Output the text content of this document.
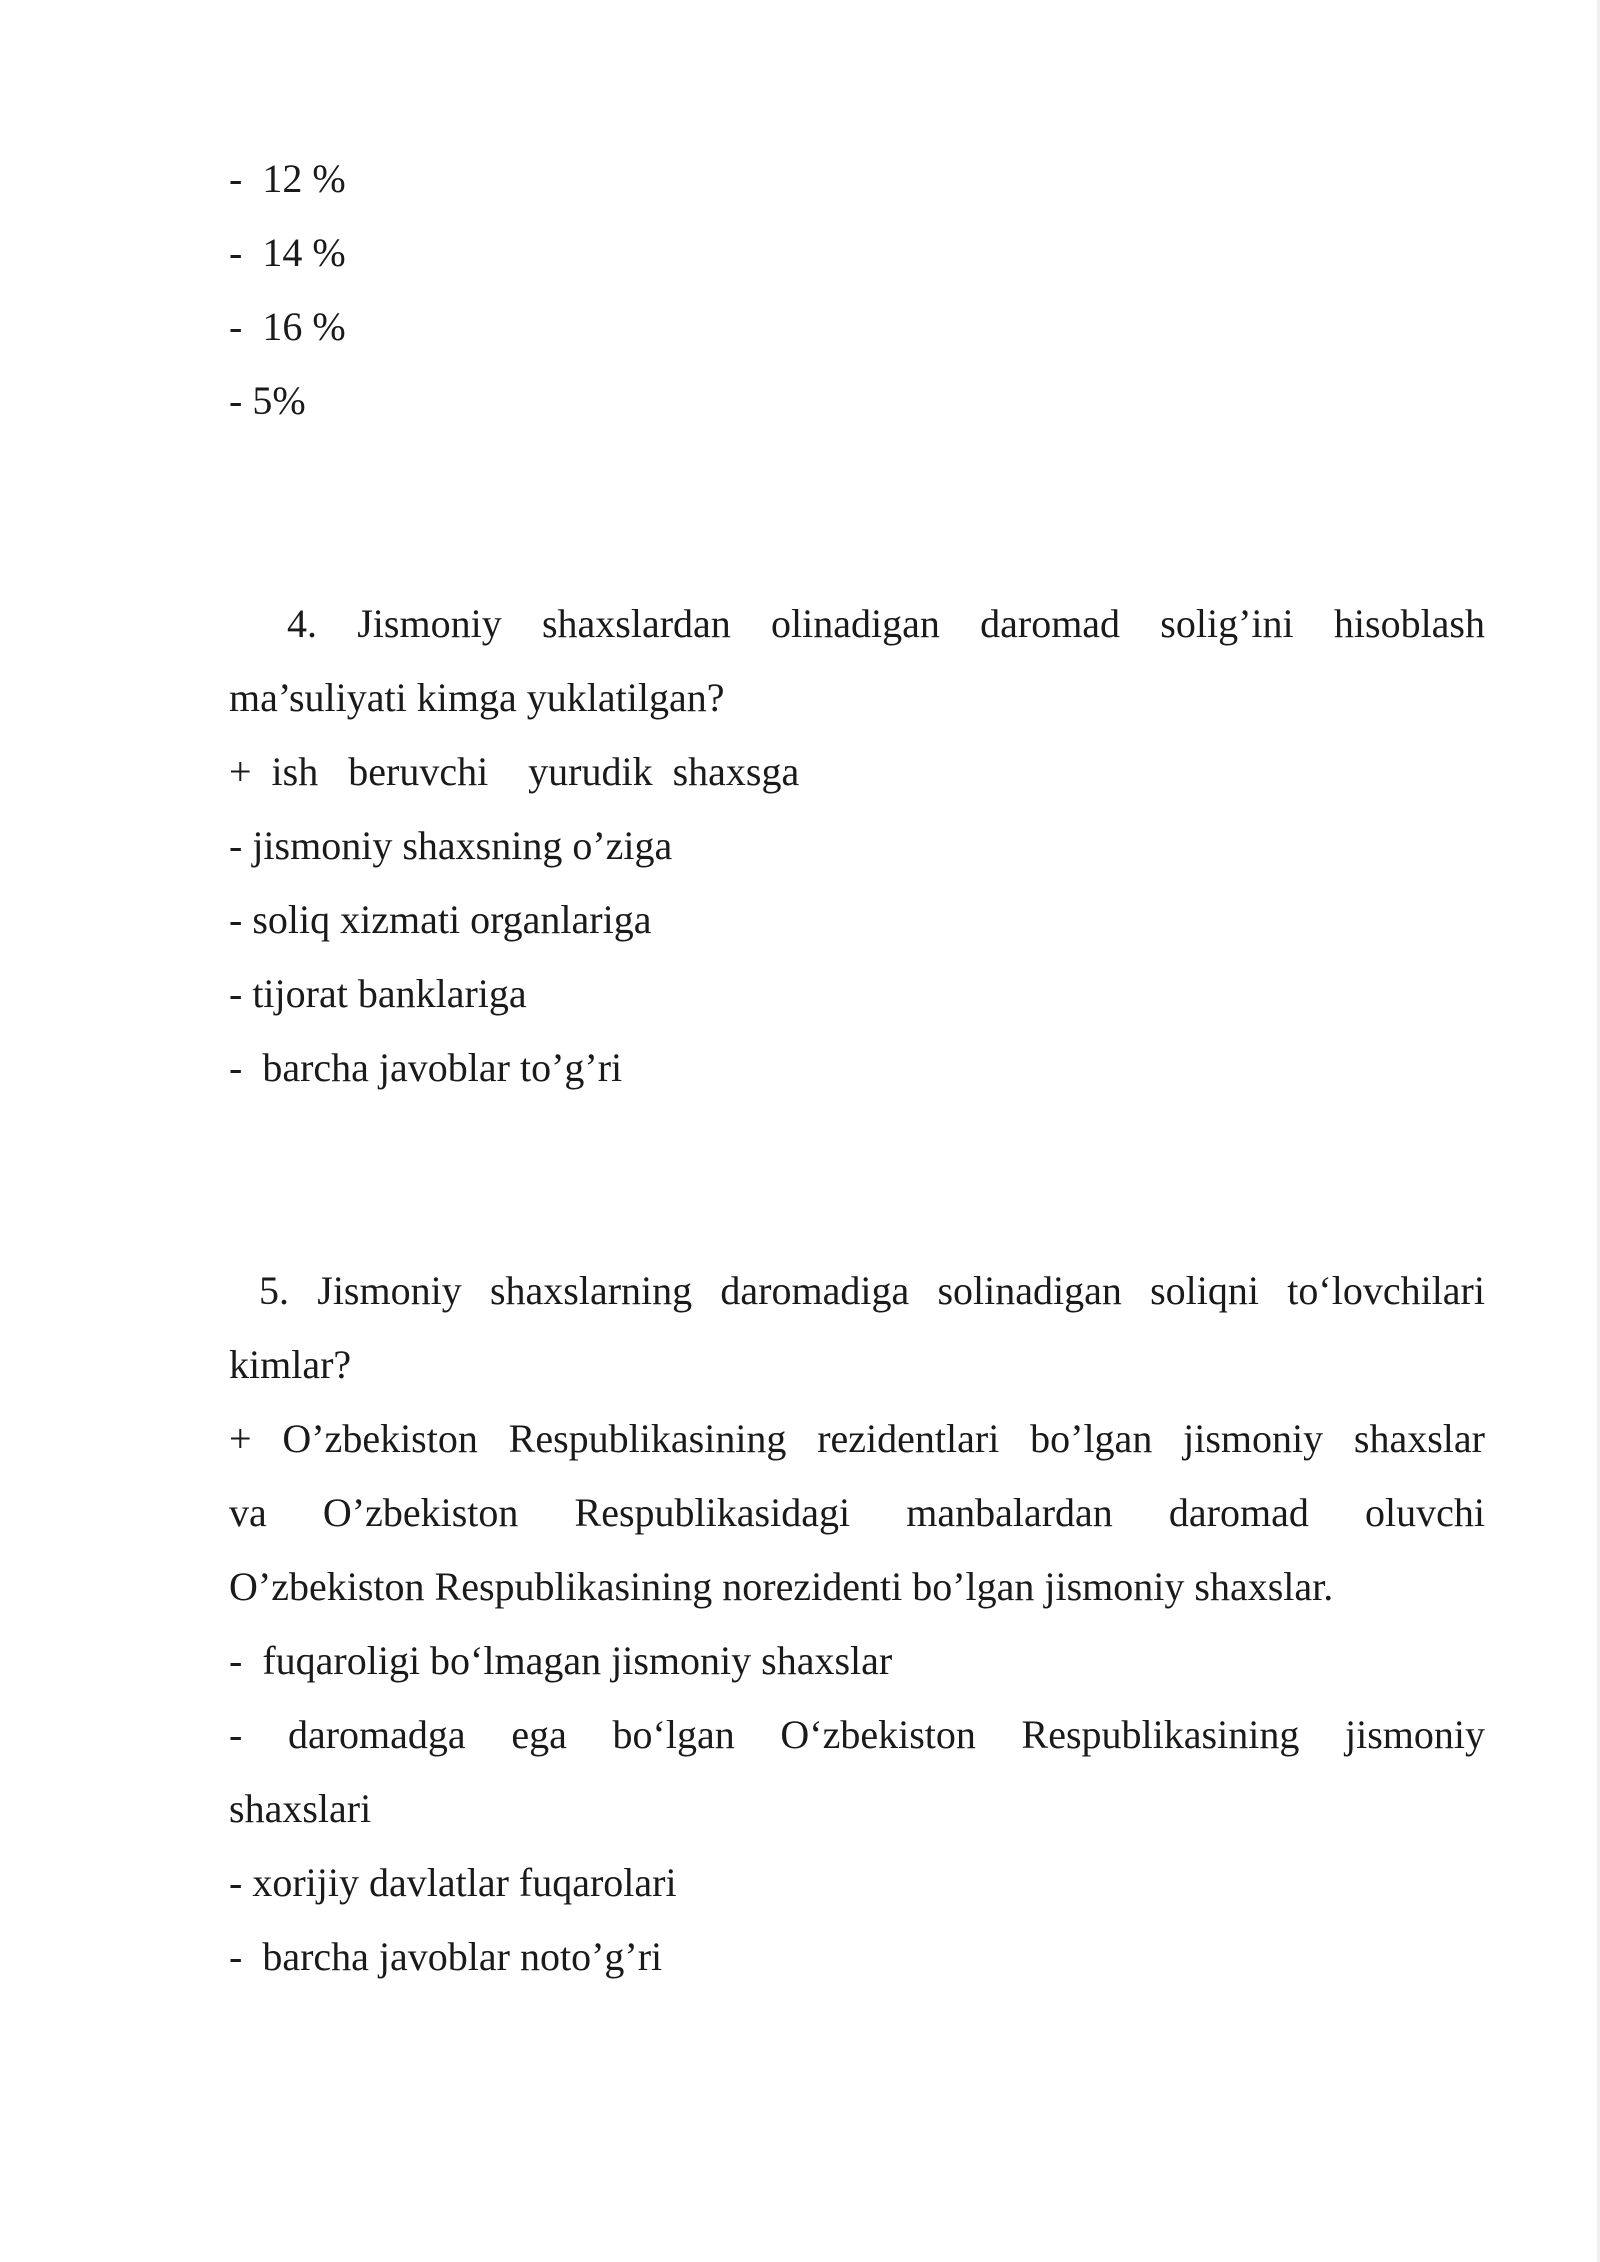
-  12 %
-  14 %
-  16 %
- 5%
4. Jismoniy shaxslardan olinadigan daromad solig’ini hisoblash
ma’suliyati kimga yuklatilgan?
+  ish   beruvchi    yurudik  shaxsga
- jismoniy shaxsning o’ziga
- soliq xizmati organlariga
- tijorat banklariga
-  barcha javoblar to’g’ri
5. Jismoniy shaxslarning daromadiga solinadigan soliqni to‘lovchilari
kimlar?
+ O’zbekiston Respublikasining rezidentlari bo’lgan jismoniy shaxslar
va O’zbekiston Respublikasidagi manbalardan daromad oluvchi
O’zbekiston Respublikasining norezidenti bo’lgan jismoniy shaxslar.
-  fuqaroligi bo‘lmagan jismoniy shaxslar
- daromadga ega bo‘lgan O‘zbekiston Respublikasining jismoniy
shaxslari
- xorijiy davlatlar fuqarolari
-  barcha javoblar noto’g’ri
